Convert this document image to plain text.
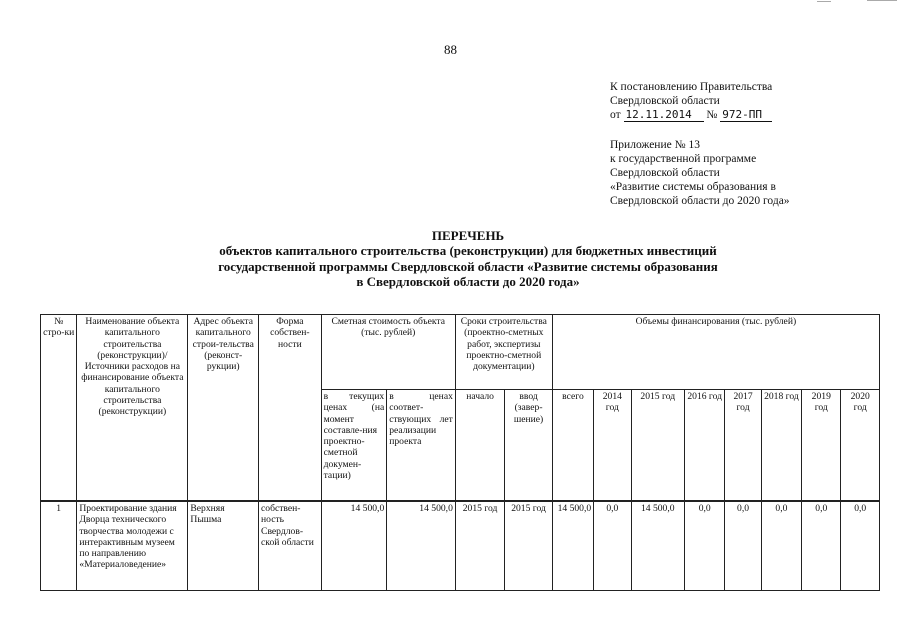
88
К постановлению Правительства
Свердловской области
от 12.11.2014 № 972-ПП
Приложение № 13
к государственной программе
Свердловской области
«Развитие системы образования в
Свердловской области до 2020 года»
ПЕРЕЧЕНЬ
объектов капитального строительства (реконструкции) для бюджетных инвестиций
государственной программы Свердловской области «Развитие системы образования
в Свердловской области до 2020 года»
№ стро-ки	Наименование объекта капитального строительства (реконструкции)/ Источники расходов на финансирование объекта капитального строительства (реконструкции)	Адрес объекта капитального строи-тельства (реконст-рукции)	Форма собствен-ности	Сметная стоимость объекта (тыс. рублей)		Сроки строительства (проектно-сметных работ, экспертизы проектно-сметной документации)		Объемы финансирования (тыс. рублей)							
				в текущих ценах (на момент составле-ния проектно-сметной докумен-тации)	в ценах соответ-ствующих лет реализации проекта	начало	ввод (завер-шение)	всего	2014 год	2015 год	2016 год	2017 год	2018 год	2019 год	2020 год
1	Проектирование здания Дворца технического творчества молодежи с интерактивным музеем по направлению «Материаловедение»	Верхняя Пышма	собствен-ность Свердлов-ской области	14 500,0	14 500,0	2015 год	2015 год	14 500,0	0,0	14 500,0	0,0	0,0	0,0	0,0	0,0
